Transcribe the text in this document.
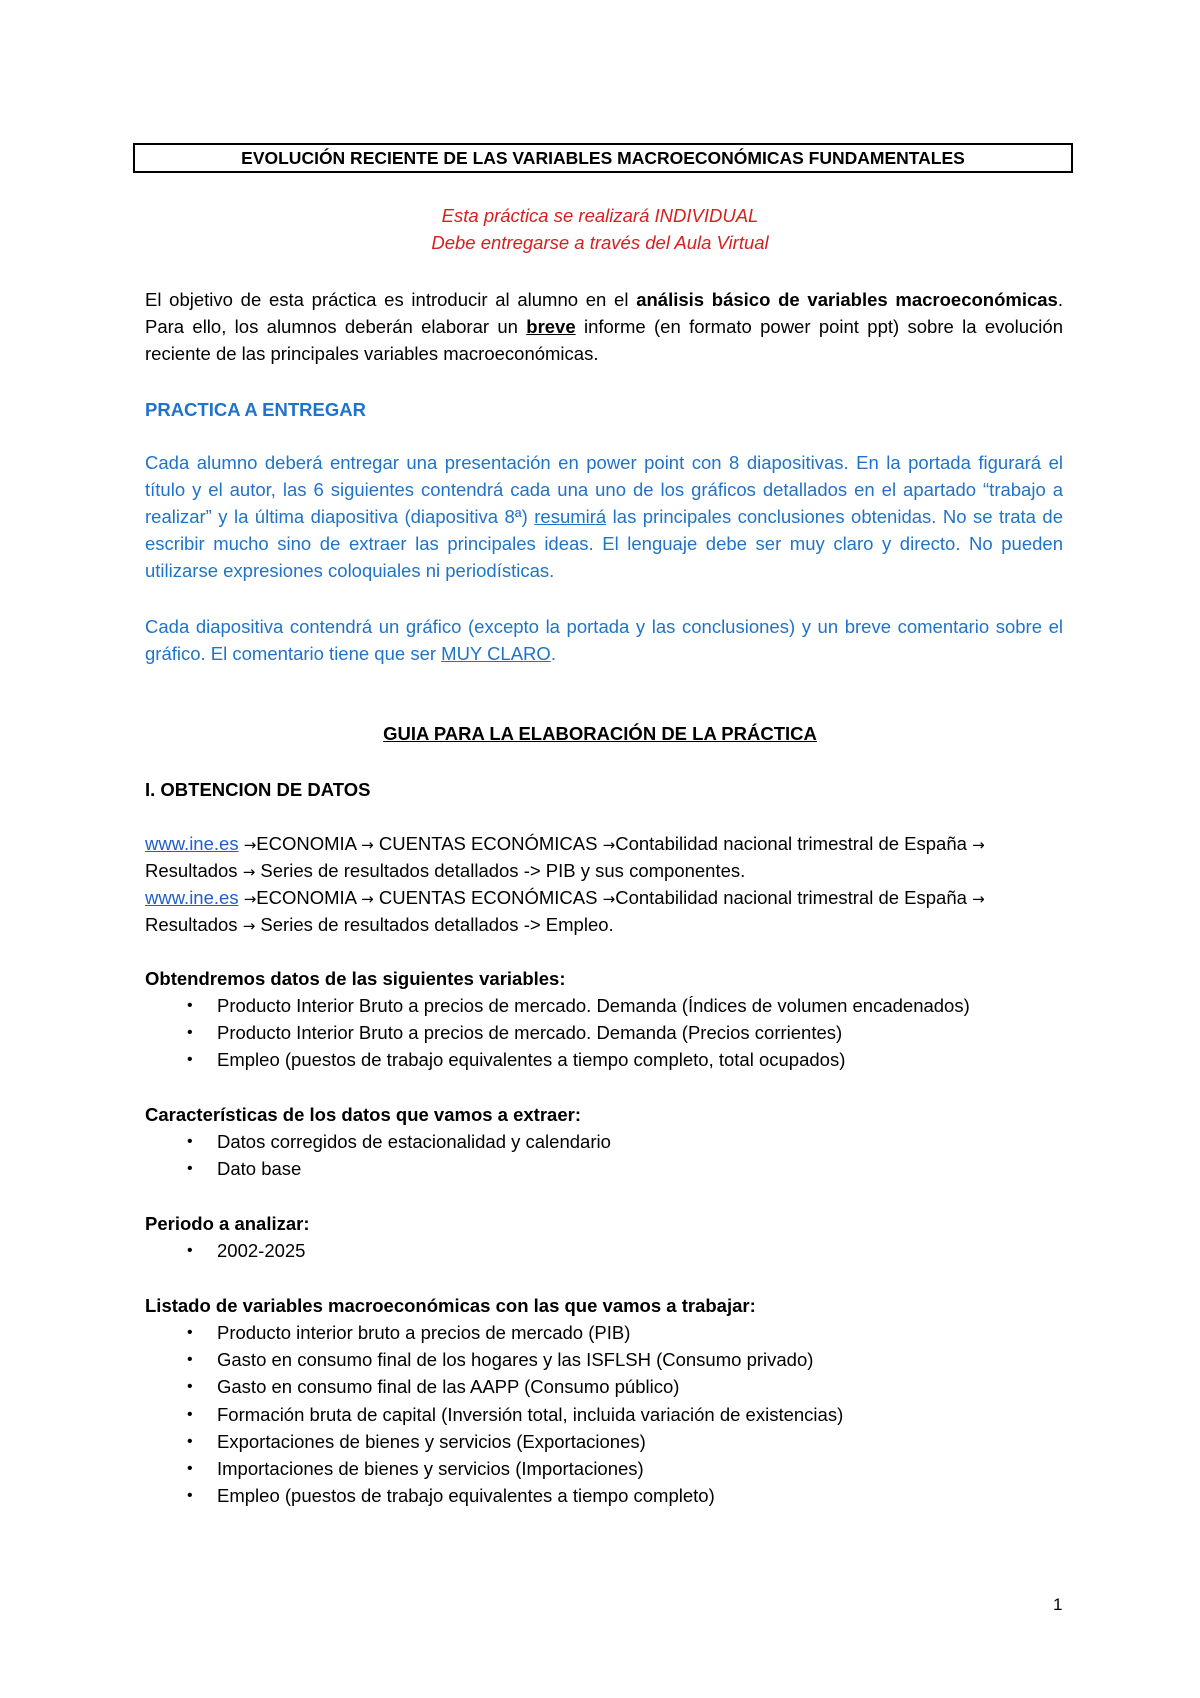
EVOLUCIÓN RECIENTE DE LAS VARIABLES MACROECONÓMICAS FUNDAMENTALES
Esta práctica se realizará INDIVIDUAL
Debe entregarse a través del Aula Virtual
El objetivo de esta práctica es introducir al alumno en el análisis básico de variables macroeconómicas. Para ello, los alumnos deberán elaborar un breve informe (en formato power point ppt) sobre la evolución reciente de las principales variables macroeconómicas.
PRACTICA A ENTREGAR
Cada alumno deberá entregar una presentación en power point con 8 diapositivas. En la portada figurará el título y el autor, las 6 siguientes contendrá cada una uno de los gráficos detallados en el apartado “trabajo a realizar” y la última diapositiva (diapositiva 8ª) resumirá las principales conclusiones obtenidas. No se trata de escribir mucho sino de extraer las principales ideas. El lenguaje debe ser muy claro y directo. No pueden utilizarse expresiones coloquiales ni periodísticas.
Cada diapositiva contendrá un gráfico (excepto la portada y las conclusiones) y un breve comentario sobre el gráfico. El comentario tiene que ser MUY CLARO.
GUIA PARA LA ELABORACIÓN DE LA PRÁCTICA
I. OBTENCION DE DATOS
www.ine.es →ECONOMIA → CUENTAS ECONÓMICAS →Contabilidad nacional trimestral de España →
Resultados → Series de resultados detallados -> PIB y sus componentes.
www.ine.es →ECONOMIA → CUENTAS ECONÓMICAS →Contabilidad nacional trimestral de España →
Resultados → Series de resultados detallados -> Empleo.
Obtendremos datos de las siguientes variables:
• Producto Interior Bruto a precios de mercado. Demanda (Índices de volumen encadenados)
• Producto Interior Bruto a precios de mercado. Demanda (Precios corrientes)
• Empleo (puestos de trabajo equivalentes a tiempo completo, total ocupados)
Características de los datos que vamos a extraer:
• Datos corregidos de estacionalidad y calendario
• Dato base
Periodo a analizar:
• 2002-2025
Listado de variables macroeconómicas con las que vamos a trabajar:
• Producto interior bruto a precios de mercado (PIB)
• Gasto en consumo final de los hogares y las ISFLSH (Consumo privado)
• Gasto en consumo final de las AAPP (Consumo público)
• Formación bruta de capital (Inversión total, incluida variación de existencias)
• Exportaciones de bienes y servicios (Exportaciones)
• Importaciones de bienes y servicios (Importaciones)
• Empleo (puestos de trabajo equivalentes a tiempo completo)
1
